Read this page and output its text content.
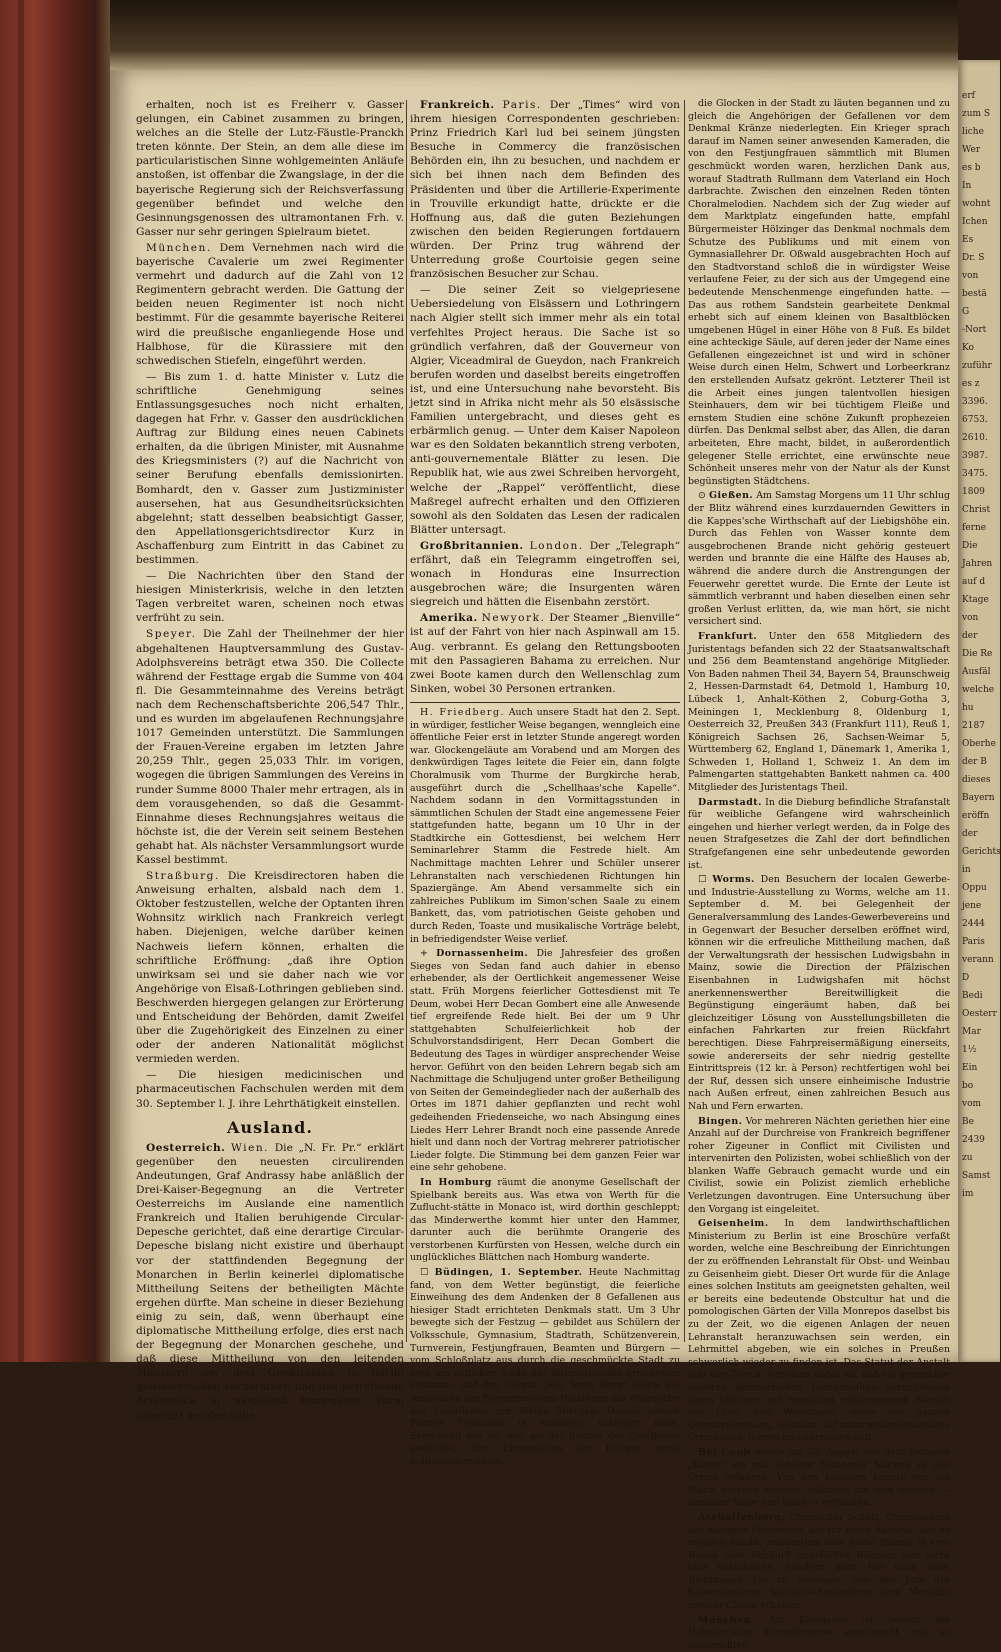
erhalten, noch ist es Freiherr v. Gasser gelungen, ein Cabinet zusammen zu bringen, welches an die Stelle der Lutz-Fäustle-Pranckh treten könnte. Der Stein, an dem alle diese im particularistischen Sinne wohlgemeinten Anläufe anstoßen, ist offenbar die Zwangslage, in der die bayerische Regierung sich der Reichsverfassung gegenüber befindet und welche den Gesinnungsgenossen des ultramontanen Frh. v. Gasser nur sehr geringen Spielraum bietet.

München. Dem Vernehmen nach wird die bayerische Cavalerie um zwei Regimenter vermehrt und dadurch auf die Zahl von 12 Regimentern gebracht werden. Die Gattung der beiden neuen Regimenter ist noch nicht bestimmt. Für die gesammte bayerische Reiterei wird die preußische enganliegende Hose und Halbhose, für die Kürassiere mit den schwedischen Stiefeln, eingeführt werden.

— Bis zum 1. d. hatte Minister v. Lutz die schriftliche Genehmigung seines Entlassungsgesuches noch nicht erhalten, dagegen hat Frhr. v. Gasser den ausdrücklichen Auftrag zur Bildung eines neuen Cabinets erhalten, da die übrigen Minister, mit Ausnahme des Kriegsministers (?) auf die Nachricht von seiner Berufung ebenfalls demissionirten. Bomhardt, den v. Gasser zum Justizminister ausersehen, hat aus Gesundheitsrücksichten abgelehnt; statt desselben beabsichtigt Gasser, den Appellationsgerichtsdirector Kurz in Aschaffenburg zum Eintritt in das Cabinet zu bestimmen.

— Die Nachrichten über den Stand der hiesigen Ministerkrisis, welche in den letzten Tagen verbreitet waren, scheinen noch etwas verfrüht zu sein.

Speyer. Die Zahl der Theilnehmer der hier abgehaltenen Hauptversammlung des Gustav-Adolphsvereins beträgt etwa 350. Die Collecte während der Festtage ergab die Summe von 404 fl. Die Gesammteinnahme des Vereins beträgt nach dem Rechenschaftsberichte 206,547 Thlr., und es wurden im abgelaufenen Rechnungsjahre 1017 Gemeinden unterstützt. Die Sammlungen der Frauen-Vereine ergaben im letzten Jahre 20,259 Thlr., gegen 25,033 Thlr. im vorigen, wogegen die übrigen Sammlungen des Vereins in runder Summe 8000 Thaler mehr ertragen, als in dem vorausgehenden, so daß die Gesammt-Einnahme dieses Rechnungsjahres weitaus die höchste ist, die der Verein seit seinem Bestehen gehabt hat. Als nächster Versammlungsort wurde Kassel bestimmt.

Straßburg. Die Kreisdirectoren haben die Anweisung erhalten, alsbald nach dem 1. Oktober festzustellen, welche der Optanten ihren Wohnsitz wirklich nach Frankreich verlegt haben. Diejenigen, welche darüber keinen Nachweis liefern können, erhalten die schriftliche Eröffnung: „daß ihre Option unwirksam sei und sie daher nach wie vor Angehörige von Elsaß-Lothringen geblieben sind. Beschwerden hiergegen gelangen zur Erörterung und Entscheidung der Behörden, damit Zweifel über die Zugehörigkeit des Einzelnen zu einer oder der anderen Nationalität möglichst vermieden werden.

— Die hiesigen medicinischen und pharmaceutischen Fachschulen werden mit dem 30. September l. J. ihre Lehrthätigkeit einstellen.

Ausland.

Oesterreich. Wien. Die „N. Fr. Pr.“ erklärt gegenüber den neuesten circulirenden Andeutungen, Graf Andrassy habe anläßlich der Drei-Kaiser-Begegnung an die Vertreter Oesterreichs im Auslande eine namentlich Frankreich und Italien beruhigende Circular-Depesche gerichtet, daß eine derartige Circular-Depesche bislang nicht existire und überhaupt vor der stattfindenden Begegnung der Monarchen in Berlin keinerlei diplomatische Mittheilung Seitens der betheiligten Mächte ergehen dürfte. Man scheine in dieser Beziehung einig zu sein, daß, wenn überhaupt eine diplomatische Mittheilung erfolge, dies erst nach der Begegnung der Monarchen geschehe, und daß diese Mittheilung von den leitenden Ministern der drei Großstaaten in Berlin gewissermaßen vorberathen und das betreffende Actenstück in möglichst homogener Form abgefaßt werden solle.

Frankreich. Paris. Der „Times“ wird von ihrem hiesigen Correspondenten geschrieben: Prinz Friedrich Karl lud bei seinem jüngsten Besuche in Commercy die französischen Behörden ein, ihn zu besuchen, und nachdem er sich bei ihnen nach dem Befinden des Präsidenten und über die Artillerie-Experimente in Trouville erkundigt hatte, drückte er die Hoffnung aus, daß die guten Beziehungen zwischen den beiden Regierungen fortdauern würden. Der Prinz trug während der Unterredung große Courtoisie gegen seine französischen Besucher zur Schau.

— Die seiner Zeit so vielgepriesene Uebersiedelung von Elsässern und Lothringern nach Algier stellt sich immer mehr als ein total verfehltes Project heraus. Die Sache ist so gründlich verfahren, daß der Gouverneur von Algier, Viceadmiral de Gueydon, nach Frankreich berufen worden und daselbst bereits eingetroffen ist, und eine Untersuchung nahe bevorsteht. Bis jetzt sind in Afrika nicht mehr als 50 elsässische Familien untergebracht, und dieses geht es erbärmlich genug. — Unter dem Kaiser Napoleon war es den Soldaten bekanntlich streng verboten, anti-gouvernementale Blätter zu lesen. Die Republik hat, wie aus zwei Schreiben hervorgeht, welche der „Rappel“ veröffentlicht, diese Maßregel aufrecht erhalten und den Offizieren sowohl als den Soldaten das Lesen der radicalen Blätter untersagt.

Großbritannien. London. Der „Telegraph“ erfährt, daß ein Telegramm eingetroffen sei, wonach in Honduras eine Insurrection ausgebrochen wäre; die Insurgenten wären siegreich und hätten die Eisenbahn zerstört.

Amerika. Newyork. Der Steamer „Bienville“ ist auf der Fahrt von hier nach Aspinwall am 15. Aug. verbrannt. Es gelang den Rettungsbooten mit den Passagieren Bahama zu erreichen. Nur zwei Boote kamen durch den Wellenschlag zum Sinken, wobei 30 Personen ertranken.

H. Friedberg. Auch unsere Stadt hat den 2. Sept. in würdiger, festlicher Weise begangen, wenngleich eine öffentliche Feier erst in letzter Stunde angeregt worden war. Glockengeläute am Vorabend und am Morgen des denkwürdigen Tages leitete die Feier ein, dann folgte Choralmusik vom Thurme der Burgkirche herab, ausgeführt durch die „Schellhaas'sche Kapelle“. Nachdem sodann in den Vormittagsstunden in sämmtlichen Schulen der Stadt eine angemessene Feier stattgefunden hatte, begann um 10 Uhr in der Stadtkirche ein Gottesdienst, bei welchem Herr Seminarlehrer Stamm die Festrede hielt. Am Nachmittage machten Lehrer und Schüler unserer Lehranstalten nach verschiedenen Richtungen hin Spaziergänge. Am Abend versammelte sich ein zahlreiches Publikum im Simon'schen Saale zu einem Bankett, das, vom patriotischen Geiste gehoben und durch Reden, Toaste und musikalische Vorträge belebt, in befriedigendster Weise verlief.

+ Dornassenheim. Die Jahresfeier des großen Sieges von Sedan fand auch dahier in ebenso erhebender, als der Oertlichkeit angemessener Weise statt. Früh Morgens feierlicher Gottesdienst mit Te Deum, wobei Herr Decan Gombert eine alle Anwesende tief ergreifende Rede hielt. Bei der um 9 Uhr stattgehabten Schulfeierlichkeit hob der Schulvorstandsdirigent, Herr Decan Gombert die Bedeutung des Tages in würdiger ansprechender Weise hervor. Geführt von den beiden Lehrern begab sich am Nachmittage die Schuljugend unter großer Betheiligung von Seiten der Gemeindeglieder nach der außerhalb des Ortes im 1871 dahier gepflanzten und recht wohl gedeihenden Friedenseiche, wo nach Absingung eines Liedes Herr Lehrer Brandt noch eine passende Anrede hielt und dann noch der Vortrag mehrerer patriotischer Lieder folgte. Die Stimmung bei dem ganzen Feier war eine sehr gehobene.

In Homburg räumt die anonyme Gesellschaft der Spielbank bereits aus. Was etwa von Werth für die Zuflucht-stätte in Monaco ist, wird dorthin geschleppt; das Minderwerthe kommt hier unter den Hammer, darunter auch die berühmte Orangerie des verstorbenen Kurfürsten von Hessen, welche durch ein unglückliches Blättchen nach Homburg wanderte.

☐ Büdingen, 1. September. Heute Nachmittag fand, von dem Wetter begünstigt, die feierliche Einweihung des dem Andenken der 8 Gefallenen aus hiesiger Stadt errichteten Denkmals statt. Um 3 Uhr bewegte sich der Festzug — gebildet aus Schülern der Volksschule, Gymnasium, Stadtrath, Schützenverein, Turnverein, Festjungfrauen, Beamten und Bürgern — vom Schloßplatz aus durch die geschmückte Stadt zu dem am östlichen Ende der Bahnhofstraße errichteten Denkmal. Auf den Choral „Ein' feste Burg“ folgte die Ansprache des Bürgermeisters Hölzinger, die Ansprache des Geistlichen zur Weihe übergab. Darauf sprach Pfarrer Thylmann in kräftiger, kräftiger Rede. Ergreifend war es, wie, als der Redner der Gefallenen gedachte, drei Ehrensalven der Krieger ernst militärisch grüßten,

die Glocken in der Stadt zu läuten begannen und zu gleich die Angehörigen der Gefallenen vor dem Denkmal Kränze niederlegten. Ein Krieger sprach darauf im Namen seiner anwesenden Kameraden, die von den Festjungfrauen sämmtlich mit Blumen geschmückt worden waren, herzlichen Dank aus, worauf Stadtrath Rullmann dem Vaterland ein Hoch darbrachte. Zwischen den einzelnen Reden tönten Choralmelodien. Nachdem sich der Zug wieder auf dem Marktplatz eingefunden hatte, empfahl Bürgermeister Hölzinger das Denkmal nochmals dem Schutze des Publikums und mit einem von Gymnasiallehrer Dr. Oßwald ausgebrachten Hoch auf den Stadtvorstand schloß die in würdigster Weise verlaufene Feier, zu der sich aus der Umgegend eine bedeutende Menschenmenge eingefunden hatte. — Das aus rothem Sandstein gearbeitete Denkmal erhebt sich auf einem kleinen von Basaltblöcken umgebenen Hügel in einer Höhe von 8 Fuß. Es bildet eine achteckige Säule, auf deren jeder der Name eines Gefallenen eingezeichnet ist und wird in schöner Weise durch einen Helm, Schwert und Lorbeerkranz den erstellenden Aufsatz gekrönt. Letzterer Theil ist die Arbeit eines jungen talentvollen hiesigen Steinhauers, dem wir bei tüchtigem Fleiße und ernstem Studien eine schöne Zukunft prophezeien dürfen. Das Denkmal selbst aber, das Allen, die daran arbeiteten, Ehre macht, bildet, in außerordentlich gelegener Stelle errichtet, eine erwünschte neue Schönheit unseres mehr von der Natur als der Kunst begünstigten Städtchens.

⊙ Gießen. Am Samstag Morgens um 11 Uhr schlug der Blitz während eines kurzdauernden Gewitters in die Kappes'sche Wirthschaft auf der Liebigshöhe ein. Durch das Fehlen von Wasser konnte dem ausgebrochenen Brande nicht gehörig gesteuert werden und brannte die eine Hälfte des Hauses ab, während die andere durch die Anstrengungen der Feuerwehr gerettet wurde. Die Ernte der Leute ist sämmtlich verbrannt und haben dieselben einen sehr großen Verlust erlitten, da, wie man hört, sie nicht versichert sind.

Frankfurt. Unter den 658 Mitgliedern des Juristentags befanden sich 22 der Staatsanwaltschaft und 256 dem Beamtenstand angehörige Mitglieder. Von Baden nahmen Theil 34, Bayern 54, Braunschweig 2, Hessen-Darmstadt 64, Detmold 1, Hamburg 10, Lübeck 1, Anhalt-Köthen 2, Coburg-Gotha 3, Meiningen 1, Mecklenburg 8, Oldenburg 1, Oesterreich 32, Preußen 343 (Frankfurt 111), Reuß 1, Königreich Sachsen 26, Sachsen-Weimar 5, Württemberg 62, England 1, Dänemark 1, Amerika 1, Schweden 1, Holland 1, Schweiz 1. An dem im Palmengarten stattgehabten Bankett nahmen ca. 400 Mitglieder des Juristentags Theil.

Darmstadt. In die Dieburg befindliche Strafanstalt für weibliche Gefangene wird wahrscheinlich eingehen und hierher verlegt werden, da in Folge des neuen Strafgesetzes die Zahl der dort befindlichen Strafgefangenen eine sehr unbedeutende geworden ist.

☐ Worms. Den Besuchern der localen Gewerbe- und Industrie-Ausstellung zu Worms, welche am 11. September d. M. bei Gelegenheit der Generalversammlung des Landes-Gewerbevereins und in Gegenwart der Besucher derselben eröffnet wird, können wir die erfreuliche Mittheilung machen, daß der Verwaltungsrath der hessischen Ludwigsbahn in Mainz, sowie die Direction der Pfälzischen Eisenbahnen in Ludwigshafen mit höchst anerkennenswerther Bereitwilligkeit die Begünstigung eingeräumt haben, daß bei gleichzeitiger Lösung von Ausstellungsbilleten die einfachen Fahrkarten zur freien Rückfahrt berechtigen. Diese Fahrpreisermäßigung einerseits, sowie andererseits der sehr niedrig gestellte Eintrittspreis (12 kr. à Person) rechtfertigen wohl bei der Ruf, dessen sich unsere einheimische Industrie nach Außen erfreut, einen zahlreichen Besuch aus Nah und Fern erwarten.

Bingen. Vor mehreren Nächten geriethen hier eine Anzahl auf der Durchreise von Frankreich begriffener roher Zigeuner in Conflict mit Civilisten und intervenirten den Polizisten, wobei schließlich von der blanken Waffe Gebrauch gemacht wurde und ein Civilist, sowie ein Polizist ziemlich erhebliche Verletzungen davontrugen. Eine Untersuchung über den Vorgang ist eingeleitet.

Geisenheim. In dem landwirthschaftlichen Ministerium zu Berlin ist eine Broschüre verfaßt worden, welche eine Beschreibung der Einrichtungen der zu eröffnenden Lehranstalt für Obst- und Weinbau zu Geisenheim giebt. Dieser Ort wurde für die Anlage eines solchen Instituts am geeignetsten gehalten, weil er bereits eine bedeutende Obstcultur hat und die pomologischen Gärten der Villa Monrepos daselbst bis zu der Zeit, wo die eigenen Anlagen der neuen Lehranstalt heranzuwachsen sein werden, ein Lehrmittel abgeben, wie ein solches in Preußen schwerlich wieder zu finden ist. Das Statut der Anstalt gibt den Zweck derselben dahin an, daß sie gegenüber anderen gärtnerischen Lehranstalten vorzugsweise einen höheren und möglichst vollkommenen Betrieb des Obst- und Weinbaues, sowie der ganzen Obstverwerthung, gestützt auf naturwissenschaftliche Grundsätze, lehren und darstellen soll.

Bei Caub wurde am 28. August von dem Dampfer „König“ ein mit Schiefer beladener Nachen in den Grund gefahren. Von den Insassen konnte nur ein Mann gerettet werden, während die drei übrigen — darunter Vater und Sohn — ertranken.

Aschaffenburg. Uhrmacher Schulz, Commandant der hiesigen Feuerwehr, hat für einen Apparat, der es möglich macht, mindestens eine halbe Stunde in vom Rauch oder Stickluft angefüllten Räumen sich nicht blos aufzuhalten, sondern auch frei nach allen Richtungen hin zu bewegen, von der Jury der Kaiserslauterer Industrie-Ausstellung eine Medaille zweiter Classe erhalten.

München. Am Königssee ist bereits die Hebeter'sche Schnellbremse angebracht und so eingerichtet,

erf
zum S
liche
Wer
es b
In
wohnt
Ichen
Es
Dr. S
von
bestä
G
-Nort
Ko
zuführ
es z
3396.
6753.
2610.
3987.
3475.
1809
Christ
ferne
Die
Jahren
auf d
Ktage
von
der
Die Re
Ausfäl
welche
hu
2187
Oberhe
der B
dieses
Bayern
eröffn
der
Gerichts
in
Oppu
jene
2444
Paris
verann
D
Bedi
Oesterr
Mar
1½
Ein
bo
vom
Be
2439
zu
Samst
im
